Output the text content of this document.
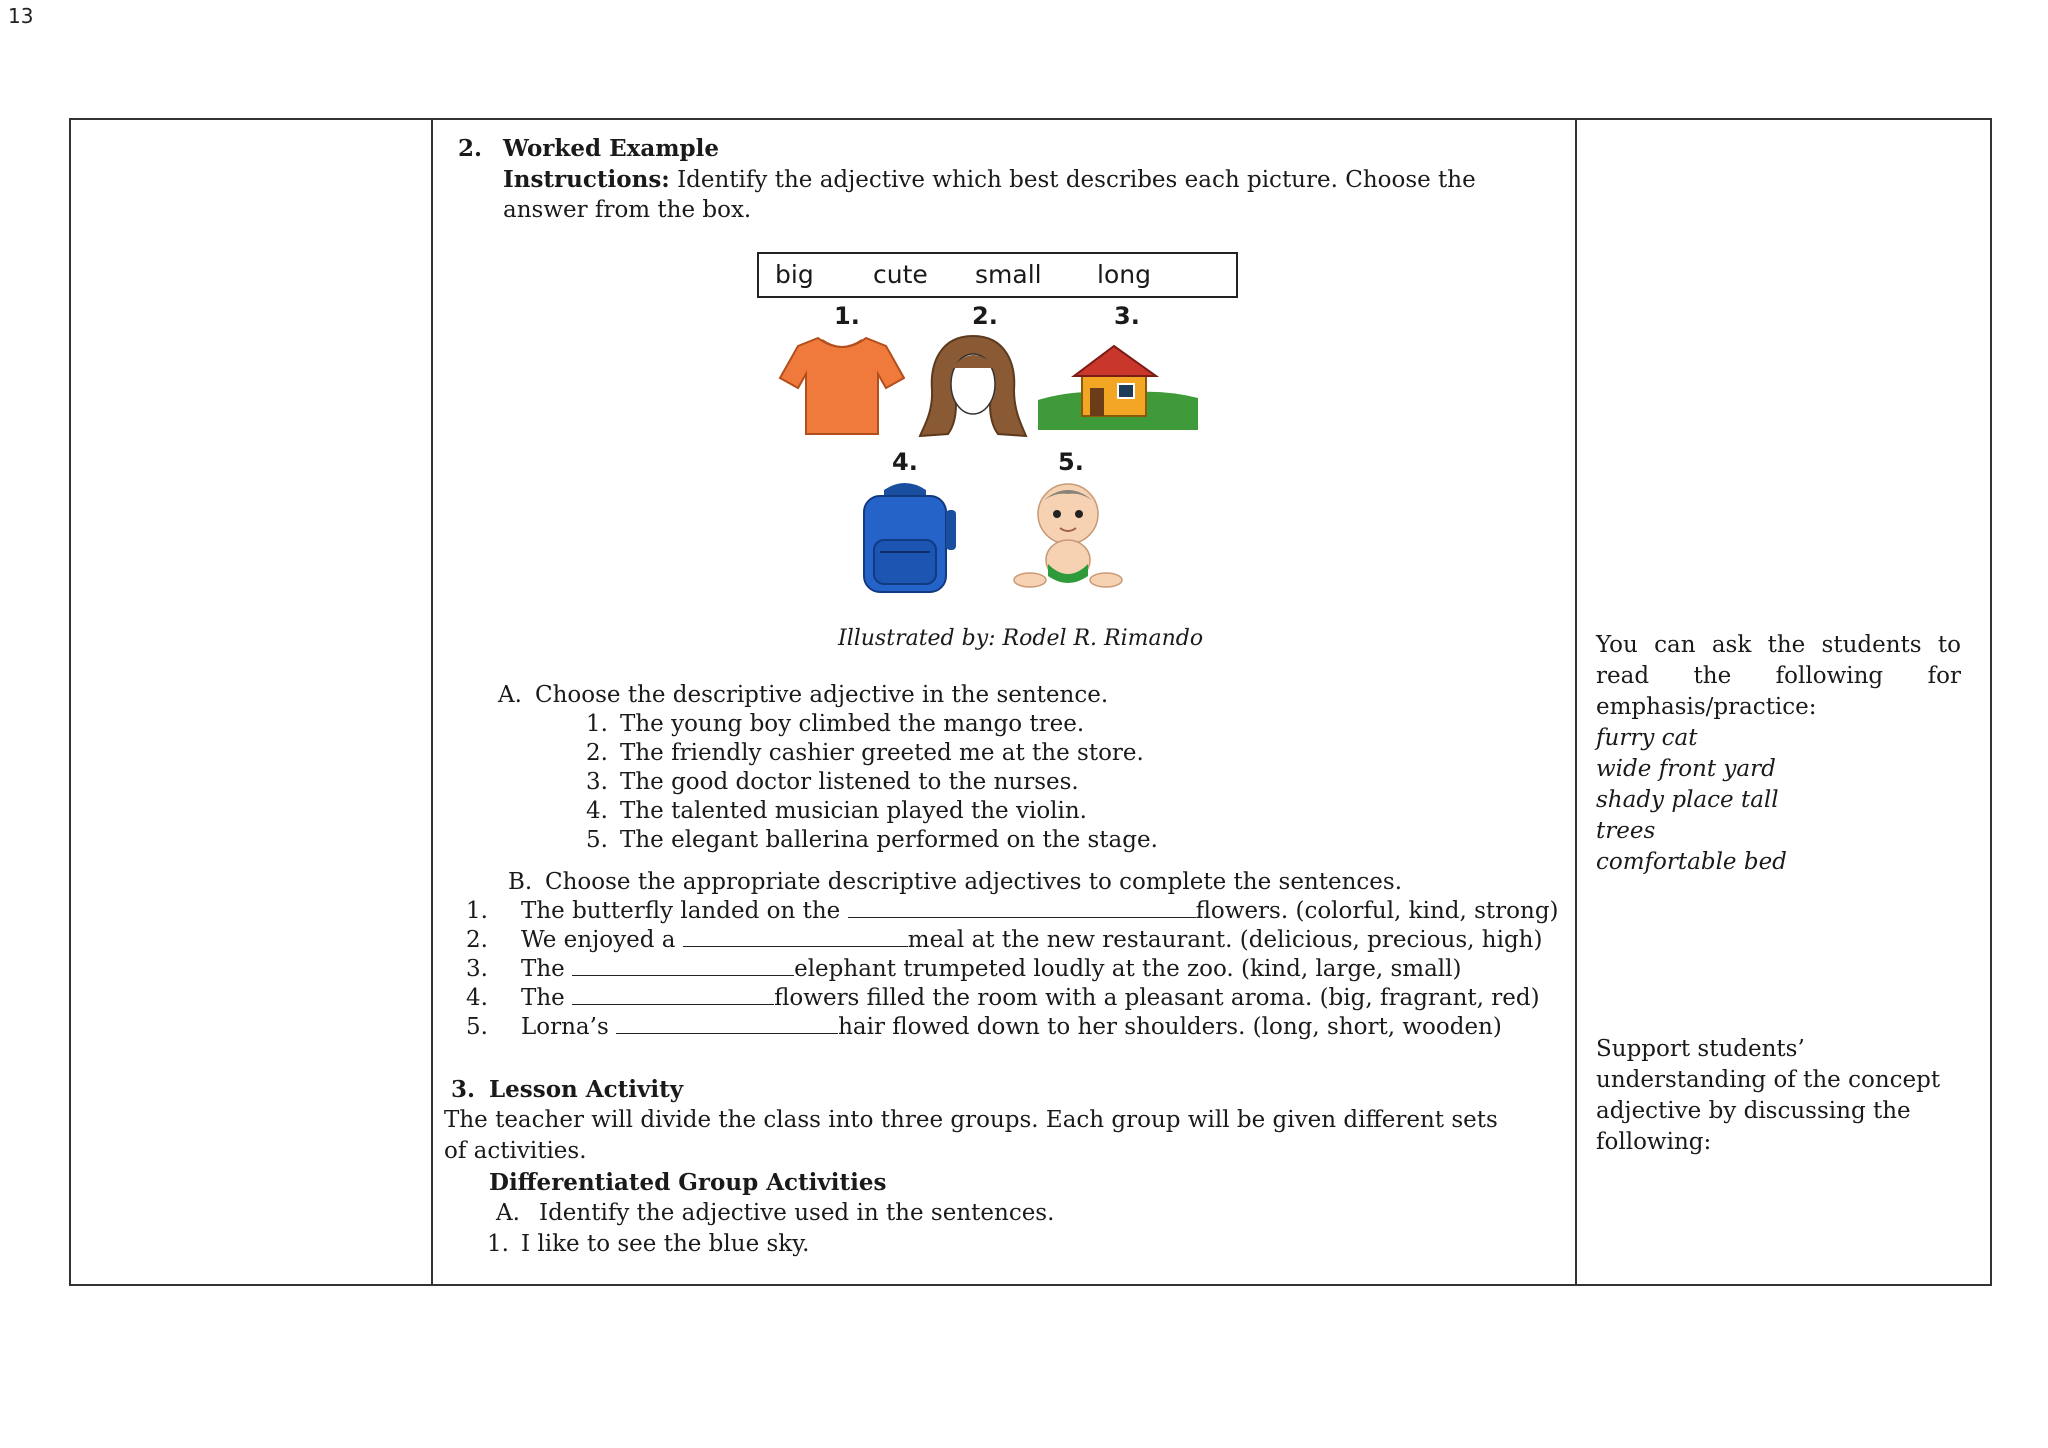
13
2. Worked Example
Instructions: Identify the adjective which best describes each picture. Choose the
answer from the box.
big cute small long
1.	2.	3.
4.	5.
Illustrated by: Rodel R. Rimando
A. Choose the descriptive adjective in the sentence.
1. The young boy climbed the mango tree.
2. The friendly cashier greeted me at the store.
3. The good doctor listened to the nurses.
4. The talented musician played the violin.
5. The elegant ballerina performed on the stage.
B. Choose the appropriate descriptive adjectives to complete the sentences.
1. The butterfly landed on the	flowers. (colorful, kind, strong)
2. We enjoyed a	meal at the new restaurant. (delicious, precious, high)
3. The	elephant trumpeted loudly at the zoo. (kind, large, small)
4. The	flowers filled the room with a pleasant aroma. (big, fragrant, red)
5. Lorna’s	hair flowed down to her shoulders. (long, short, wooden)
3. Lesson Activity
The teacher will divide the class into three groups. Each group will be given different sets
of activities.
Differentiated Group Activities
A. Identify the adjective used in the sentences.
1. I like to see the blue sky.
You can ask the students to
read the following for
emphasis/practice:
furry cat
wide front yard
shady place tall
trees
comfortable bed
Support students’
understanding of the concept
adjective by discussing the
following:
